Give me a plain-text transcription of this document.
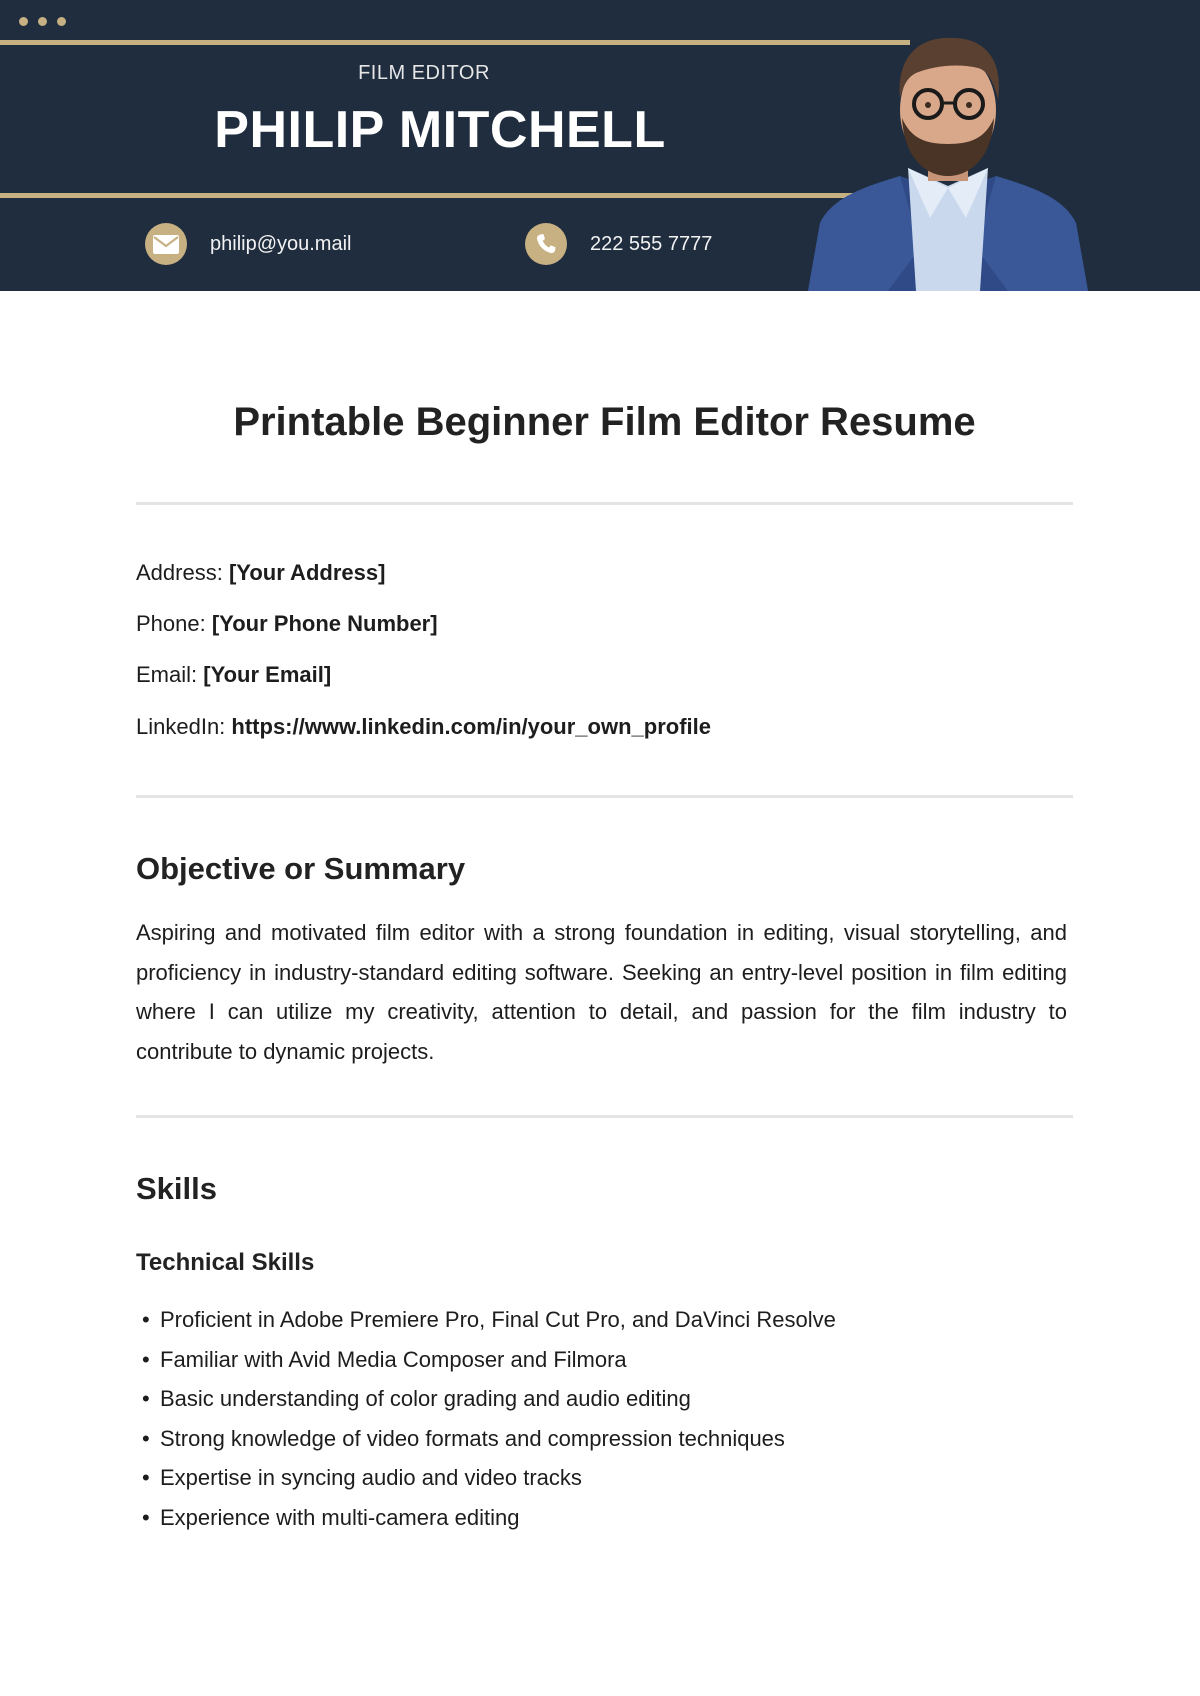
FILM EDITOR
PHILIP MITCHELL
philip@you.mail	222 555 7777
Printable Beginner Film Editor Resume
Address: [Your Address]
Phone: [Your Phone Number]
Email: [Your Email]
LinkedIn: https://www.linkedin.com/in/your_own_profile
Objective or Summary

Aspiring and motivated film editor with a strong foundation in editing, visual storytelling, and proficiency in industry-standard editing software. Seeking an entry-level position in film editing where I can utilize my creativity, attention to detail, and passion for the film industry to contribute to dynamic projects.

Skills
Technical Skills
• Proficient in Adobe Premiere Pro, Final Cut Pro, and DaVinci Resolve
• Familiar with Avid Media Composer and Filmora
• Basic understanding of color grading and audio editing
• Strong knowledge of video formats and compression techniques
• Expertise in syncing audio and video tracks
• Experience with multi-camera editing
